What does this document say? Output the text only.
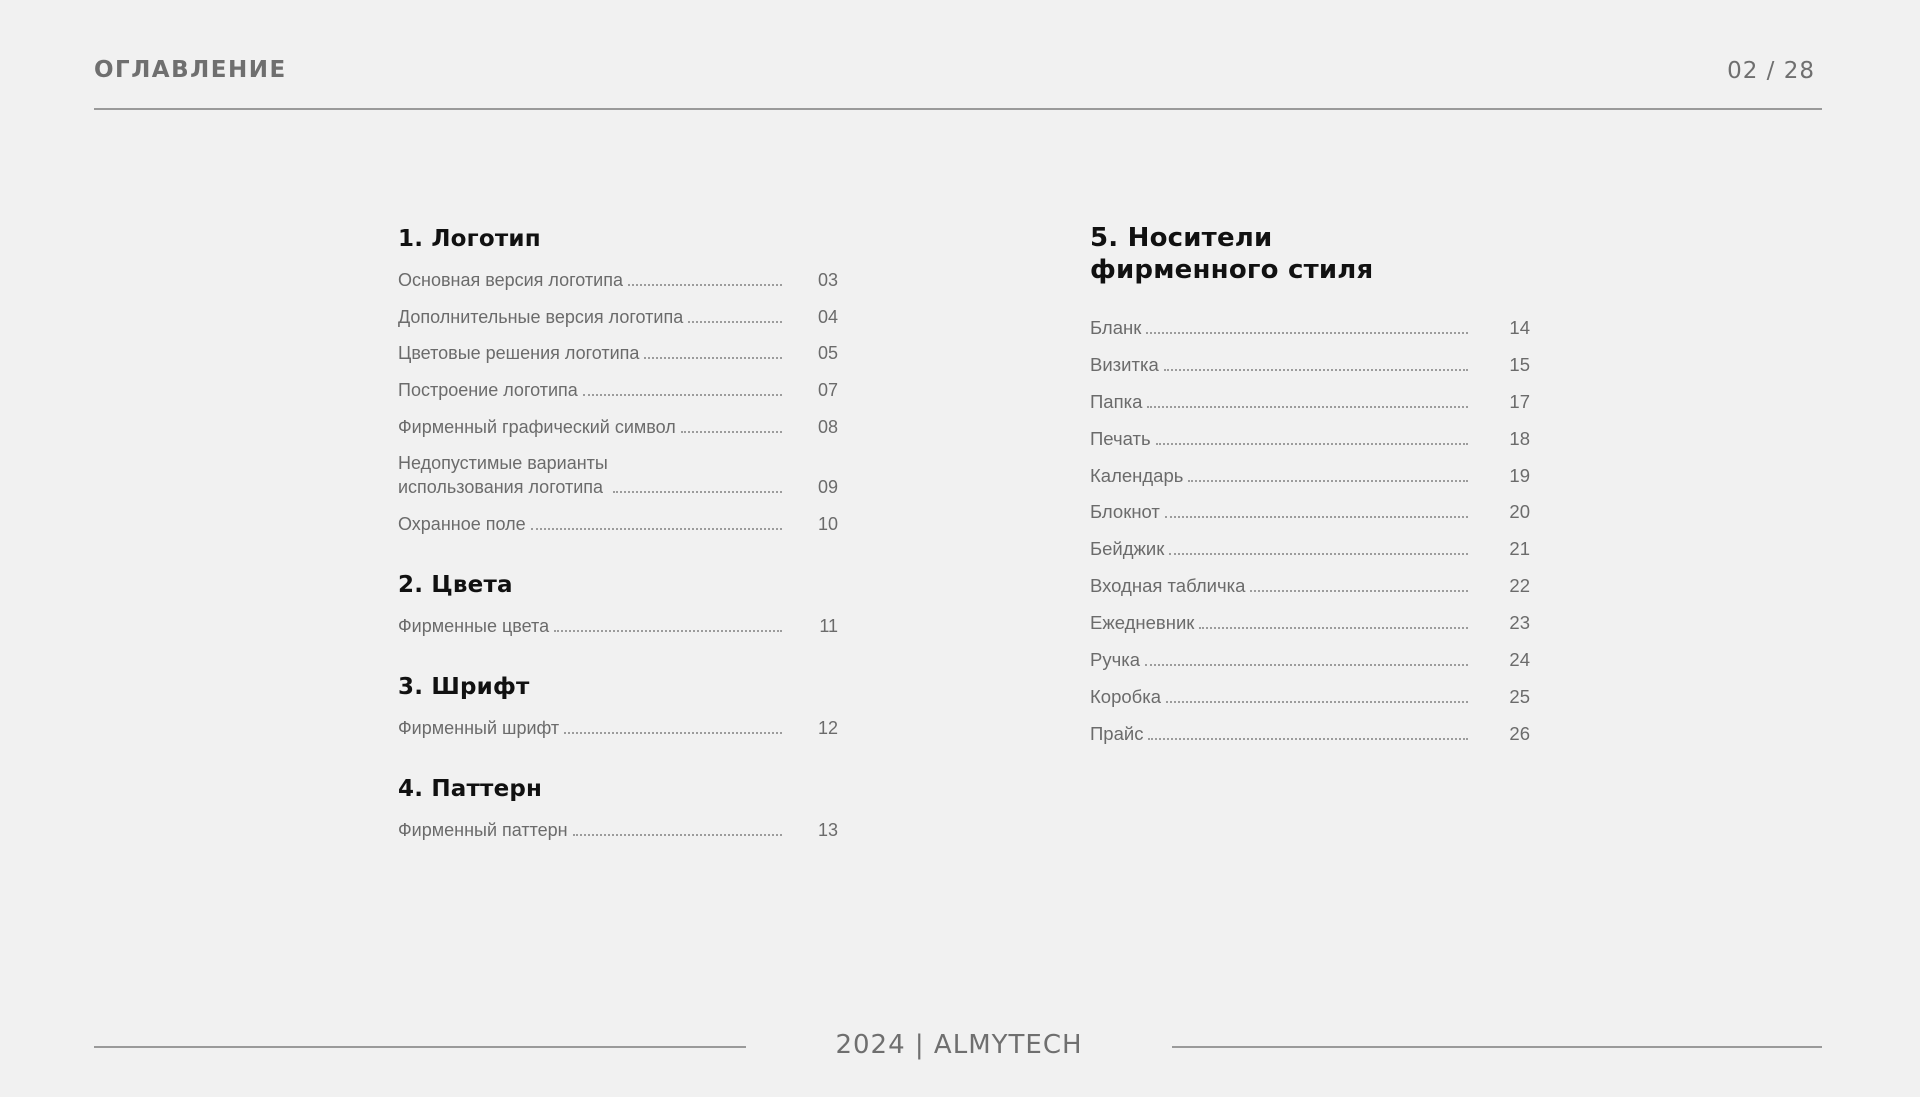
ОГЛАВЛЕНИЕ	02 / 28
1. Логотип
Основная версия логотипа	03
Дополнительные версия логотипа	04
Цветовые решения логотипа	05
Построение логотипа	07
Фирменный графический символ	08
Недопустимые варианты
использования логотипа	09
Охранное поле	10
2. Цвета
Фирменные цвета	11
3. Шрифт
Фирменный шрифт	12
4. Паттерн
Фирменный паттерн	13
5. Носители
фирменного стиля
Бланк	14
Визитка	15
Папка	17
Печать	18
Календарь	19
Блокнот	20
Бейджик	21
Входная табличка	22
Ежедневник	23
Ручка	24
Коробка	25
Прайс	26
2024 | ALMYTECH
